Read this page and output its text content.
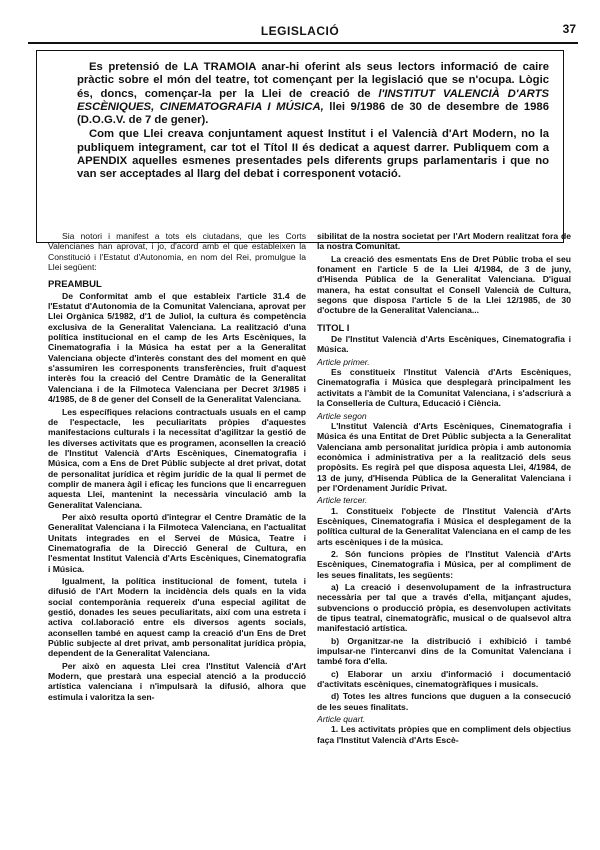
LEGISLACIÓ	37

Es pretensió de LA TRAMOIA anar-hi oferint als seus lectors informació de caire pràctic sobre el món del teatre, tot començant per la legislació que se n'ocupa. Lògic és, doncs, començar-la per la Llei de creació de l'INSTITUT VALENCIÀ D'ARTS ESCÈNIQUES, CINEMATOGRAFIA I MÚSICA, llei 9/1986 de 30 de desembre de 1986 (D.O.G.V. de 7 de gener).

Com que Llei creava conjuntament aquest Institut i el Valencià d'Art Modern, no la publiquem integrament, car tot el Títol II és dedicat a aquest darrer. Publiquem com a APENDIX aquelles esmenes presentades pels diferents grups parlamentaris i que no van ser acceptades al llarg del debat i corresponent votació.

Sia notori i manifest a tots els ciutadans, que les Corts Valencianes han aprovat, i jo, d'acord amb el que estableixen la Constitució i l'Estatut d'Autonomia, en nom del Rei, promulgue la Llei següent:

PREAMBUL

De Conformitat amb el que estableix l'article 31.4 de l'Estatut d'Autonomia de la Comunitat Valenciana, aprovat per Llei Orgànica 5/1982, d'1 de Juliol, la cultura és competència exclusiva de la Generalitat Valenciana. La realització d'una política institucional en el camp de les Arts Escèniques, la Cinematografia i la Música ha estat per a la Generalitat Valenciana objecte d'interès constant des del moment en què s'assumiren les corresponents transferències, fruit d'aquest interès fou la creació del Centre Dramàtic de la Generalitat Valenciana i de la Filmoteca Valenciana per Decret 3/1985 i 4/1985, de 8 de gener del Consell de la Generalitat Valenciana.

Les específiques relacions contractuals usuals en el camp de l'espectacle, les peculiaritats pròpies d'aquestes manifestacions culturals i la necessitat d'agilitzar la gestió de les diverses activitats que es programen, aconsellen la creació de l'Institut Valencià d'Arts Escèniques, Cinematografia i Música, com a Ens de Dret Públic subjecte al dret privat, dotat de personalitat jurídica et règim jurídic de la qual li permet de complir de manera àgil i eficaç les funcions que li encarreguen aquesta Llei, mantenint la necessària vinculació amb la Generalitat Valenciana.

Per això resulta oportú d'integrar el Centre Dramàtic de la Generalitat Valenciana i la Filmoteca Valenciana, en l'actualitat Unitats integrades en el Servei de Música, Teatre i Cinematografia de la Direcció General de Cultura, en l'esmentat Institut Valencià d'Arts Escèniques, Cinematografia i Música.

Igualment, la política institucional de foment, tutela i difusió de l'Art Modern la incidència dels quals en la vida social contemporània requereix d'una especial agilitat de gestió, donades les seues peculiaritats, així com una estreta i activa col.laboració entre els diversos agents socials, aconsellen també en aquest camp la creació d'un Ens de Dret Públic subjecte al dret privat, amb personalitat jurídica pròpia, dependent de la Generalitat Valenciana.

Per això en aquesta Llei crea l'Institut Valencià d'Art Modern, que prestarà una especial atenció a la producció artística valenciana i n'impulsarà la difusió, alhora que estimula i valoritza la sen-

sibilitat de la nostra societat per l'Art Modern realitzat fora de la nostra Comunitat.

La creació des esmentats Ens de Dret Públic troba el seu fonament en l'article 5 de la Llei 4/1984, de 3 de juny, d'Hisenda Pública de la Generalitat Valenciana. D'igual manera, ha estat consultat el Consell Valencià de Cultura, segons que disposa l'article 5 de la Llei 12/1985, de 30 d'octubre de la Generalitat Valenciana...

TITOL I

De l'Institut Valencià d'Arts Escèniques, Cinematografia i Música.

Article primer.

Es constitueix l'Institut Valencià d'Arts Escèniques, Cinematografia i Música que desplegarà principalment les activitats a l'àmbit de la Comunitat Valenciana, i s'adscriurà a la Conselleria de Cultura, Educació i Ciència.

Article segon

L'Institut Valencià d'Arts Escèniques, Cinematografia i Música és una Entitat de Dret Públic subjecta a la Generalitat Valenciana amb personalitat jurídica pròpia i amb autonomia econòmica i administrativa per a la realització dels seus propòsits. Es regirà pel que disposa aquesta Llei, 4/1984, de 13 de juny, d'Hisenda Pública de la Generalitat Valenciana i per l'Ordenament Jurídic Privat.

Article tercer.

1. Constitueix l'objecte de l'Institut Valencià d'Arts Escèniques, Cinematografia i Música el desplegament de la política cultural de la Generalitat Valenciana en el camp de les arts escèniques i de la música.

2. Són funcions pròpies de l'Institut Valencià d'Arts Escèniques, Cinematografia i Música, per al compliment de les seues finalitats, les següents:

a) La creació i desenvolupament de la infrastructura necessària per tal que a través d'ella, mitjançant ajudes, subvencions o producció pròpia, es desenvolupen activitats de tipus teatral, cinematogràfic, musical o de qualsevol altra manifestació artística.

b) Organitzar-ne la distribució i exhibició i també impulsar-ne l'intercanvi dins de la Comunitat Valenciana i també fora d'ella.

c) Elaborar un arxiu d'informació i documentació d'activitats escèniques, cinematogràfiques i musicals.

d) Totes les altres funcions que duguen a la consecució de les seues finalitats.

Article quart.

1. Les activitats pròpies que en compliment dels objectius faça l'Institut Valencià d'Arts Escè-
